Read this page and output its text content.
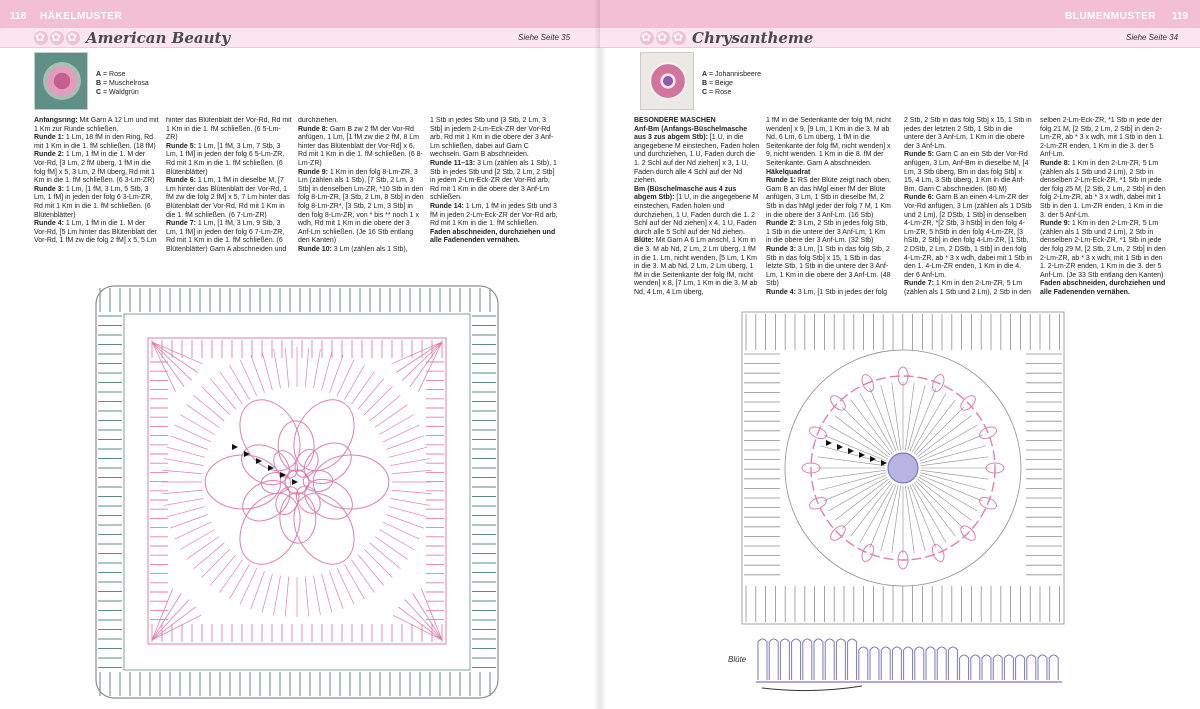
118 HÄKELMUSTER
✿
✿
✿
American Beauty	Siehe Seite 35
A = Rose
B = Muschelrosa
C = Waldgrün

Anfangsring: Mit Garn A 12 Lm und mit 1 Km zur Runde schließen.

Runde 1: 1 Lm, 18 fM in den Ring, Rd mit 1 Km in die 1. fM schließen. (18 fM)

Runde 2: 1 Lm, 1 fM in die 1. M der Vor-Rd, [3 Lm, 2 fM überg, 1 fM in die folg fM] x 5, 3 Lm, 2 fM überg, Rd mit 1 Km in die 1. fM schließen. (6 3-Lm-ZR)

Runde 3: 1 Lm, [1 fM, 3 Lm, 5 Stb, 3 Lm, 1 fM] in jeden der folg 6 3-Lm-ZR, Rd mit 1 Km in die 1. fM schließen. (6 Blütenblätter)

Runde 4: 1 Lm, 1 fM in die 1. M der Vor-Rd, [5 Lm hinter das Blütenblatt der Vor-Rd, 1 fM zw die folg 2 fM] x 5, 5 Lm

hinter das Blütenblatt der Vor-Rd, Rd mit 1 Km in die 1. fM schließen. (6 5-Lm-ZR)

Runde 5: 1 Lm, [1 fM, 3 Lm, 7 Stb, 3 Lm, 1 fM] in jeden der folg 6 5-Lm-ZR, Rd mit 1 Km in die 1. fM schließen. (6 Blütenblätter)

Runde 6: 1 Lm, 1 fM in dieselbe M, [7 Lm hinter das Blütenblatt der Vor-Rd, 1 fM zw die folg 2 fM] x 5, 7 Lm hinter das Blütenblatt der Vor-Rd, Rd mit 1 Km in die 1. fM schließen. (6 7-Lm-ZR)

Runde 7: 1 Lm, [1 fM, 3 Lm, 9 Stb, 3 Lm, 1 fM] in jeden der folg 6 7-Lm-ZR, Rd mit 1 Km in die 1. fM schließen. (6 Blütenblätter) Garn A abschneiden und

durchziehen.

Runde 8: Garn B zw 2 fM der Vor-Rd anfügen, 1 Lm, [1 fM zw die 2 fM, 8 Lm hinter das Blütenblatt der Vor-Rd] x 6, Rd mit 1 Km in die 1. fM schließen. (6 8-Lm-ZR)

Runde 9: 1 Km in den folg 8-Lm-ZR, 3 Lm (zählen als 1 Stb), [7 Stb, 2 Lm, 3 Stb] in denselben Lm-ZR, *10 Stb in den folg 8-Lm-ZR, [3 Stb, 2 Lm, 8 Stb] in den folg 8-Lm-ZR*, [3 Stb, 2 Lm, 3 Stb] in den folg 8-Lm-ZR, von * bis ** noch 1 x wdh, Rd mit 1 Km in die obere der 3 Anf-Lm schließen. (Je 16 Stb entlang den Kanten)

Runde 10: 3 Lm (zählen als 1 Stb),

1 Stb in jedes Stb und [3 Stb, 2 Lm, 3 Stb] in jedem 2-Lm-Eck-ZR der Vor-Rd arb, Rd mit 1 Km in die obere der 3 Anf-Lm schließen, dabei auf Garn C wechseln. Garn B abschneiden.

Runde 11–13: 3 Lm (zählen als 1 Stb), 1 Stb in jedes Stb und [2 Stb, 2 Lm, 2 Stb] in jedem 2-Lm-Eck-ZR der Vor-Rd arb, Rd mit 1 Km in die obere der 3 Anf-Lm schließen.

Runde 14: 1 Lm, 1 fM in jedes Stb und 3 fM in jeden 2-Lm-Eck-ZR der Vor-Rd arb, Rd mit 1 Km in die 1. fM schließen.

Faden abschneiden, durchziehen und alle Fadenenden vernähen.

BLUMENMUSTER 119
✿
✿
✿
Chrysantheme	Siehe Seite 34
A = Johannisbeere
B = Beige
C = Rose
BESONDERE MASCHEN

Anf-Bm (Anfangs-Büschelmasche aus 3 zus abgem Stb): [1 U, in die angegebene M einstechen, Faden holen und durchziehen, 1 U, Faden durch die 1. 2 Schl auf der Nd ziehen] x 3, 1 U, Faden durch alle 4 Schl auf der Nd ziehen.

Bm (Büschelmasche aus 4 zus abgem Stb): [1 U, in die angegebene M einstechen, Faden holen und durchziehen, 1 U, Faden durch die 1. 2 Schl auf der Nd ziehen] x 4, 1 U, Faden durch alle 5 Schl auf der Nd ziehen.

Blüte: Mit Garn A 6 Lm anschl, 1 Km in die 3. M ab Nd, 2 Lm, 2 Lm überg, 1 fM in die 1. Lm, nicht wenden, [5 Lm, 1 Km in die 3. M ab Nd, 2 Lm, 2 Lm überg, 1 fM in die Seitenkante der folg fM, nicht wenden] x 8, [7 Lm, 1 Km in die 3. M ab Nd, 4 Lm, 4 Lm überg,

1 fM in die Seitenkante der folg fM, nicht wenden] x 9, [9 Lm, 1 Km in die 3. M ab Nd, 6 Lm, 6 Lm überg, 1 fM in die Seitenkante der folg fM, nicht wenden] x 9, nicht wenden. 1 Km in die 8. fM der Seitenkante. Garn A abschneiden.

Häkelquadrat

Runde 1: RS der Blüte zeigt nach oben, Garn B an das hMgl einer fM der Blüte anfügen, 3 Lm, 1 Stb in dieselbe fM, 2 Stb in das hMgl jeder der folg 7 M, 1 Km in die obere der 3 Anf-Lm. (16 Stb)

Runde 2: 3 Lm, 2 Stb in jedes folg Stb, 1 Stb in die untere der 3 Anf-Lm, 1 Km in die obere der 3 Anf-Lm. (32 Stb)

Runde 3: 3 Lm, [1 Stb in das folg Stb, 2 Stb in das folg Stb] x 15, 1 Stb in das letzte Stb, 1 Stb in die untere der 3 Anf-Lm, 1 Km in die obere der 3 Anf-Lm. (48 Stb)

Runde 4: 3 Lm, [1 Stb in jedes der folg

2 Stb, 2 Stb in das folg Stb] x 15, 1 Stb in jedes der letzten 2 Stb, 1 Stb in die untere der 3 Anf-Lm, 1 Km in die obere der 3 Anf-Lm.

Runde 5: Garn C an ein Stb der Vor-Rd anfügen, 3 Lm, Anf-Bm in dieselbe M, [4 Lm, 3 Stb überg, Bm in das folg Stb] x 15, 4 Lm, 3 Stb überg, 1 Km in die Anf-Bm. Garn C abschneiden. (80 M)

Runde 6: Garn B an einen 4-Lm-ZR der Vor-Rd anfügen, 3 Lm (zählen als 1 DStb und 2 Lm), [2 DStb, 1 Stb] in denselben 4-Lm-ZR, *[2 Stb, 3 hStb] in den folg 4-Lm-ZR, 5 hStb in den folg 4-Lm-ZR, [3 hStb, 2 Stb] in den folg 4-Lm-ZR, [1 Stb, 2 DStb, 2 Lm, 2 DStb, 1 Stb] in den folg 4-Lm-ZR, ab * 3 x wdh, dabei mit 1 Stb in den 1. 4-Lm-ZR enden, 1 Km in die 4. der 6 Anf-Lm.

Runde 7: 1 Km in den 2-Lm-ZR, 5 Lm (zählen als 1 Stb und 2 Lm), 2 Stb in den

selben 2-Lm-Eck-ZR, *1 Stb in jede der folg 21 M, [2 Stb, 2 Lm, 2 Stb] in den 2-Lm-ZR, ab * 3 x wdh, mit 1 Stb in den 1. 2-Lm-ZR enden, 1 Km in die 3. der 5 Anf-Lm.

Runde 8: 1 Km in den 2-Lm-ZR, 5 Lm (zählen als 1 Stb und 2 Lm), 2 Stb in denselben 2-Lm-Eck-ZR, *1 Stb in jede der folg 25 M, [2 Stb, 2 Lm, 2 Stb] in den folg 2-Lm-ZR, ab * 3 x wdh, dabei mit 1 Stb in den 1. Lm-ZR enden, 1 Km in die 3. der 5 Anf-Lm.

Runde 9: 1 Km in den 2-Lm-ZR, 5 Lm (zählen als 1 Stb und 2 Lm), 2 Stb in denselben 2-Lm-Eck-ZR, *1 Stb in jede der folg 29 M, [2 Stb, 2 Lm, 2 Stb] in den 2-Lm-ZR, ab * 3 x wdh, mit 1 Stb in den 1. 2-Lm-ZR enden, 1 Km in die 3. der 5 Anf-Lm. (Je 33 Stb entlang den Kanten)

Faden abschneiden, durchziehen und alle Fadenenden vernähen.

Blüte
